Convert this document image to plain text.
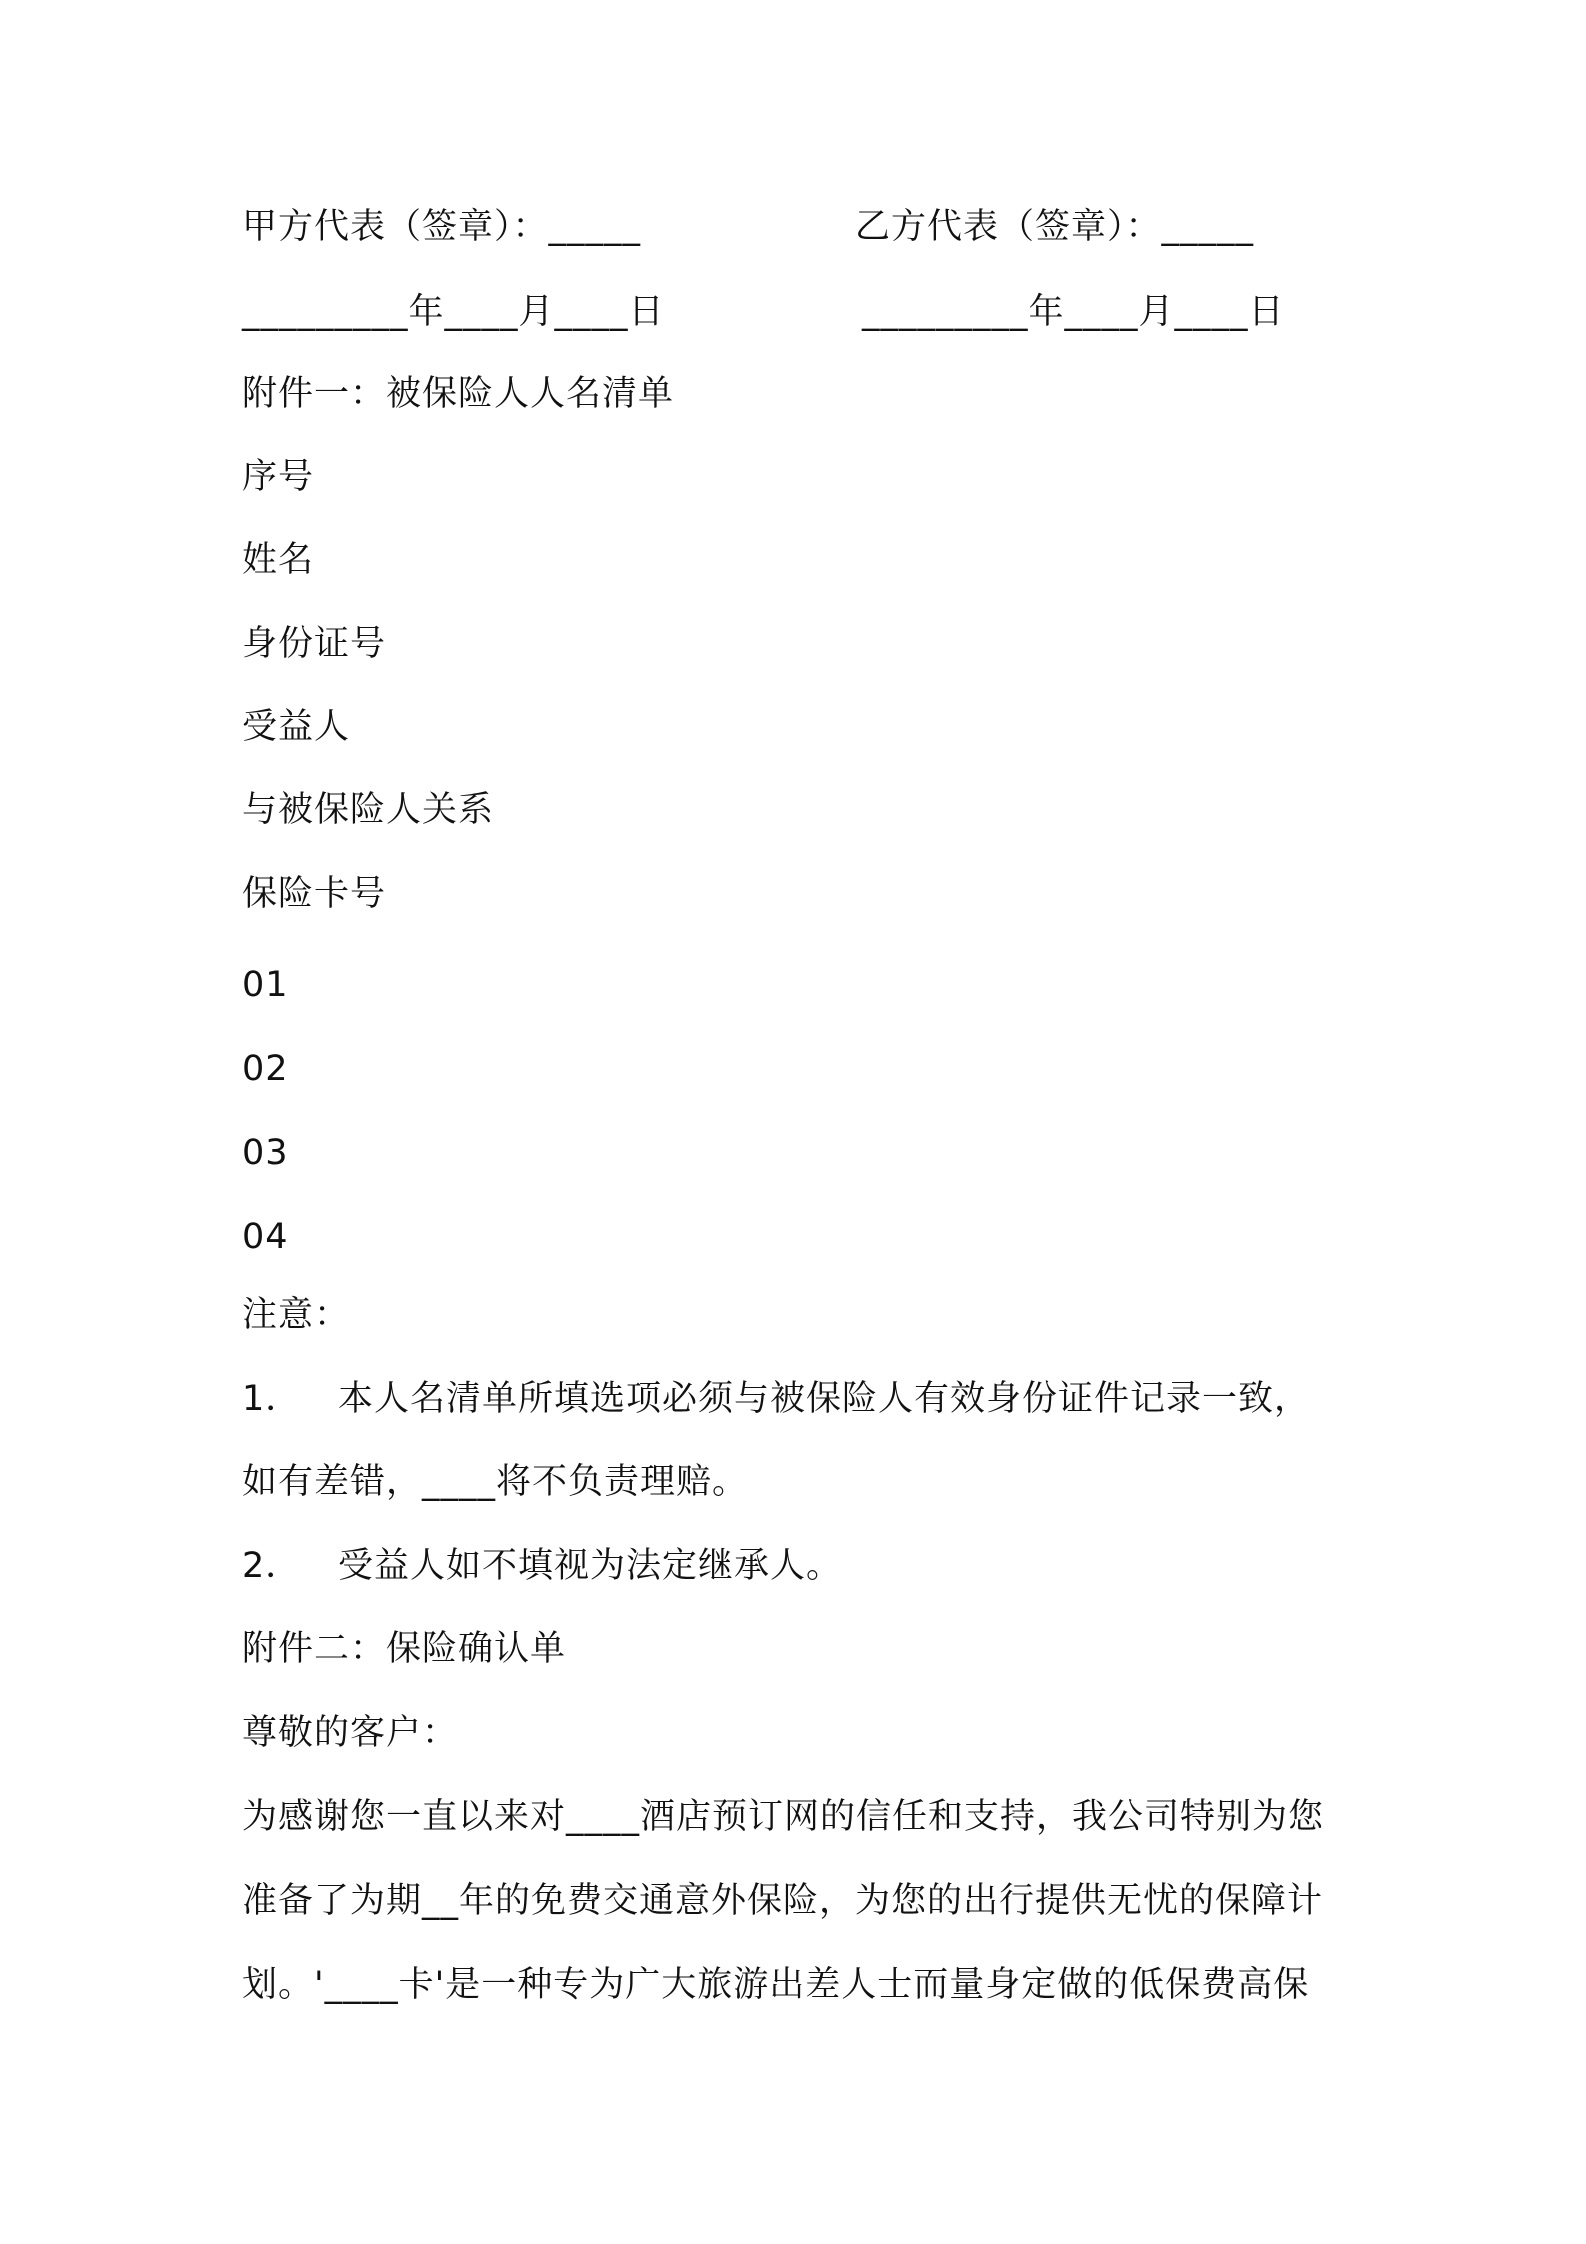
甲方代表（签章）：_____	乙方代表（签章）：_____
_________年____月____日	_________年____月____日
附件一：被保险人人名清单
序号
姓名
身份证号
受益人
与被保险人关系
保险卡号
01
02
03
04
注意：
1． 本人名清单所填选项必须与被保险人有效身份证件记录一致，
如有差错，____将不负责理赔。
2． 受益人如不填视为法定继承人。
附件二：保险确认单
尊敬的客户：
为感谢您一直以来对____酒店预订网的信任和支持，我公司特别为您
准备了为期__年的免费交通意外保险，为您的出行提供无忧的保障计
划。'____卡'是一种专为广大旅游出差人士而量身定做的低保费高保
